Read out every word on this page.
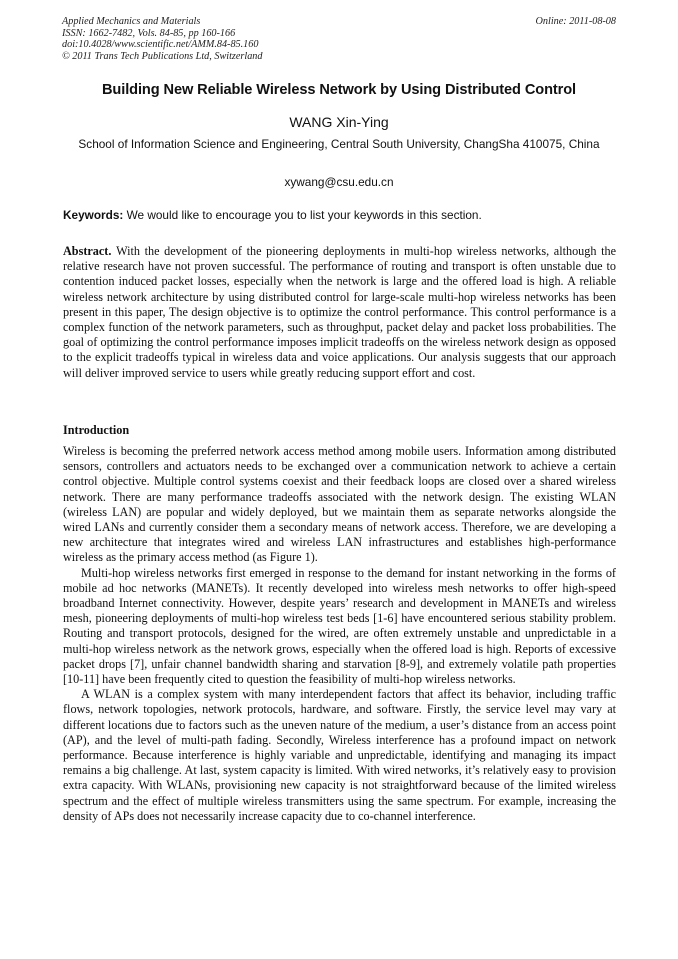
Applied Mechanics and Materials
ISSN: 1662-7482, Vols. 84-85, pp 160-166
doi:10.4028/www.scientific.net/AMM.84-85.160
© 2011 Trans Tech Publications Ltd, Switzerland
Online: 2011-08-08
Building New Reliable Wireless Network by Using Distributed Control
WANG Xin-Ying
School of Information Science and Engineering, Central South University, ChangSha 410075, China
xywang@csu.edu.cn
Keywords: We would like to encourage you to list your keywords in this section.
Abstract. With the development of the pioneering deployments in multi-hop wireless networks, although the relative research have not proven successful. The performance of routing and transport is often unstable due to contention induced packet losses, especially when the network is large and the offered load is high. A reliable wireless network architecture by using distributed control for large-scale multi-hop wireless networks has been present in this paper, The design objective is to optimize the control performance. This control performance is a complex function of the network parameters, such as throughput, packet delay and packet loss probabilities. The goal of optimizing the control performance imposes implicit tradeoffs on the wireless network design as opposed to the explicit tradeoffs typical in wireless data and voice applications. Our analysis suggests that our approach will deliver improved service to users while greatly reducing support effort and cost.
Introduction

Wireless is becoming the preferred network access method among mobile users. Information among distributed sensors, controllers and actuators needs to be exchanged over a communication network to achieve a certain control objective. Multiple control systems coexist and their feedback loops are closed over a shared wireless network. There are many performance tradeoffs associated with the network design. The existing WLAN (wireless LAN) are popular and widely deployed, but we maintain them as separate networks alongside the wired LANs and currently consider them a secondary means of network access. Therefore, we are developing a new architecture that integrates wired and wireless LAN infrastructures and establishes high-performance wireless as the primary access method (as Figure 1).

Multi-hop wireless networks first emerged in response to the demand for instant networking in the forms of mobile ad hoc networks (MANETs). It recently developed into wireless mesh networks to offer high-speed broadband Internet connectivity. However, despite years’ research and development in MANETs and wireless mesh, pioneering deployments of multi-hop wireless test beds [1-6] have encountered serious stability problem. Routing and transport protocols, designed for the wired, are often extremely unstable and unpredictable in a multi-hop wireless network as the network grows, especially when the offered load is high. Reports of excessive packet drops [7], unfair channel bandwidth sharing and starvation [8-9], and extremely volatile path properties [10-11] have been frequently cited to question the feasibility of multi-hop wireless networks.

A WLAN is a complex system with many interdependent factors that affect its behavior, including traffic flows, network topologies, network protocols, hardware, and software. Firstly, the service level may vary at different locations due to factors such as the uneven nature of the medium, a user’s distance from an access point (AP), and the level of multi-path fading. Secondly, Wireless interference has a profound impact on network performance. Because interference is highly variable and unpredictable, identifying and managing its impact remains a big challenge. At last, system capacity is limited. With wired networks, it’s relatively easy to provision extra capacity. With WLANs, provisioning new capacity is not straightforward because of the limited wireless spectrum and the effect of multiple wireless transmitters using the same spectrum. For example, increasing the density of APs does not necessarily increase capacity due to co-channel interference.
